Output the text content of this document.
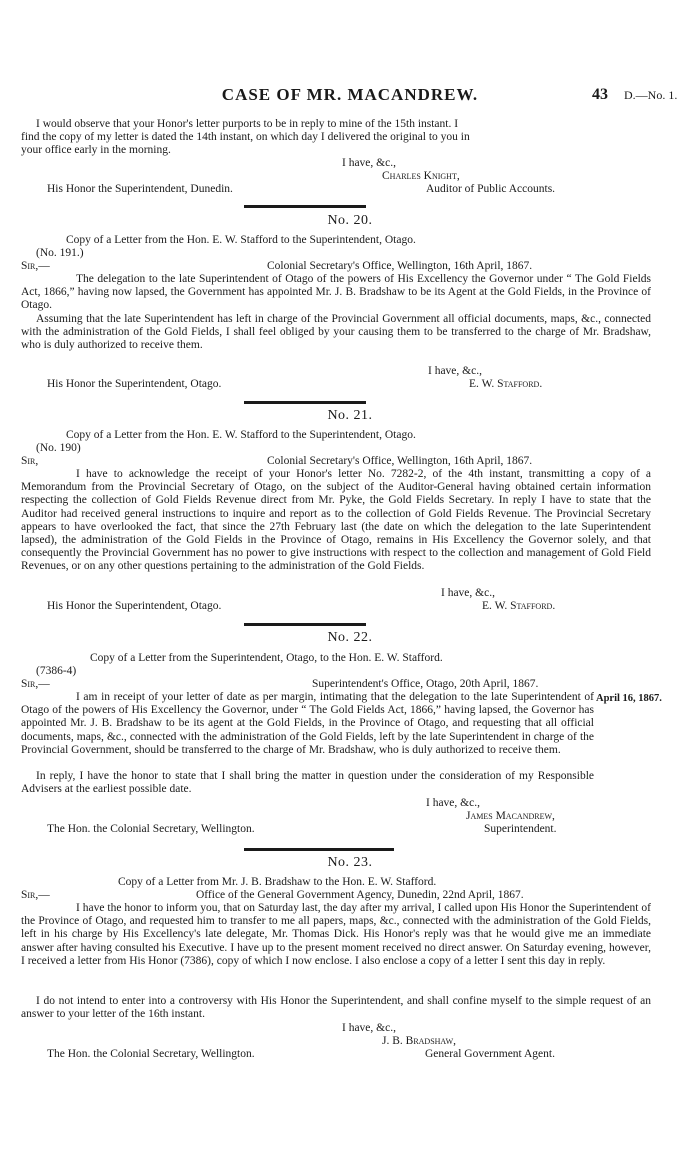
CASE OF MR. MACANDREW.	43 D.—No. 1.
I would observe that your Honor's letter purports to be in reply to mine of the 15th instant. I
find the copy of my letter is dated the 14th instant, on which day I delivered the original to you in
your office early in the morning.
I have, &c.,
Charles Knight,
His Honor the Superintendent, Dunedin.	Auditor of Public Accounts.
No. 20.
Copy of a Letter from the Hon. E. W. Stafford to the Superintendent, Otago.
(No. 191.)
Sir,—	Colonial Secretary's Office, Wellington, 16th April, 1867.
The delegation to the late Superintendent of Otago of the powers of His Excellency the Governor under “ The Gold Fields Act, 1866,” having now lapsed, the Government has appointed Mr. J. B. Bradshaw to be its Agent at the Gold Fields, in the Province of Otago.
Assuming that the late Superintendent has left in charge of the Provincial Government all official documents, maps, &c., connected with the administration of the Gold Fields, I shall feel obliged by your causing them to be transferred to the charge of Mr. Bradshaw, who is duly authorized to receive them.
I have, &c.,
His Honor the Superintendent, Otago.	E. W. Stafford.
No. 21.
Copy of a Letter from the Hon. E. W. Stafford to the Superintendent, Otago.
(No. 190)
Sir,	Colonial Secretary's Office, Wellington, 16th April, 1867.
I have to acknowledge the receipt of your Honor's letter No. 7282-2, of the 4th instant, transmitting a copy of a Memorandum from the Provincial Secretary of Otago, on the subject of the Auditor-General having obtained certain information respecting the collection of Gold Fields Revenue direct from Mr. Pyke, the Gold Fields Secretary. In reply I have to state that the Auditor had received general instructions to inquire and report as to the collection of Gold Fields Revenue. The Provincial Secretary appears to have overlooked the fact, that since the 27th February last (the date on which the delegation to the late Superintendent lapsed), the administration of the Gold Fields in the Province of Otago, remains in His Excellency the Governor solely, and that consequently the Provincial Government has no power to give instructions with respect to the collection and management of Gold Field Revenues, or on any other questions pertaining to the administration of the Gold Fields.
I have, &c.,
His Honor the Superintendent, Otago.	E. W. Stafford.
No. 22.
Copy of a Letter from the Superintendent, Otago, to the Hon. E. W. Stafford.
(7386-4)
Sir,—	Superintendent's Office, Otago, 20th April, 1867.
April 16, 1867.
I am in receipt of your letter of date as per margin, intimating that the delegation to the late Superintendent of Otago of the powers of His Excellency the Governor, under “ The Gold Fields Act, 1866,” having lapsed, the Governor has appointed Mr. J. B. Bradshaw to be its agent at the Gold Fields, in the Province of Otago, and requesting that all official documents, maps, &c., connected with the administration of the Gold Fields, left by the late Superintendent in charge of the Provincial Government, should be transferred to the charge of Mr. Bradshaw, who is duly authorized to receive them.
In reply, I have the honor to state that I shall bring the matter in question under the consideration of my Responsible Advisers at the earliest possible date.
I have, &c.,
James Macandrew,
The Hon. the Colonial Secretary, Wellington.	Superintendent.
No. 23.
Copy of a Letter from Mr. J. B. Bradshaw to the Hon. E. W. Stafford.
Sir,—	Office of the General Government Agency, Dunedin, 22nd April, 1867.
I have the honor to inform you, that on Saturday last, the day after my arrival, I called upon His Honor the Superintendent of the Province of Otago, and requested him to transfer to me all papers, maps, &c., connected with the administration of the Gold Fields, left in his charge by His Excellency's late delegate, Mr. Thomas Dick. His Honor's reply was that he would give me an immediate answer after having consulted his Executive. I have up to the present moment received no direct answer. On Saturday evening, however, I received a letter from His Honor (7386), copy of which I now enclose. I also enclose a copy of a letter I sent this day in reply.
I do not intend to enter into a controversy with His Honor the Superintendent, and shall confine myself to the simple request of an answer to your letter of the 16th instant.
I have, &c.,
J. B. Bradshaw,
The Hon. the Colonial Secretary, Wellington.	General Government Agent.
